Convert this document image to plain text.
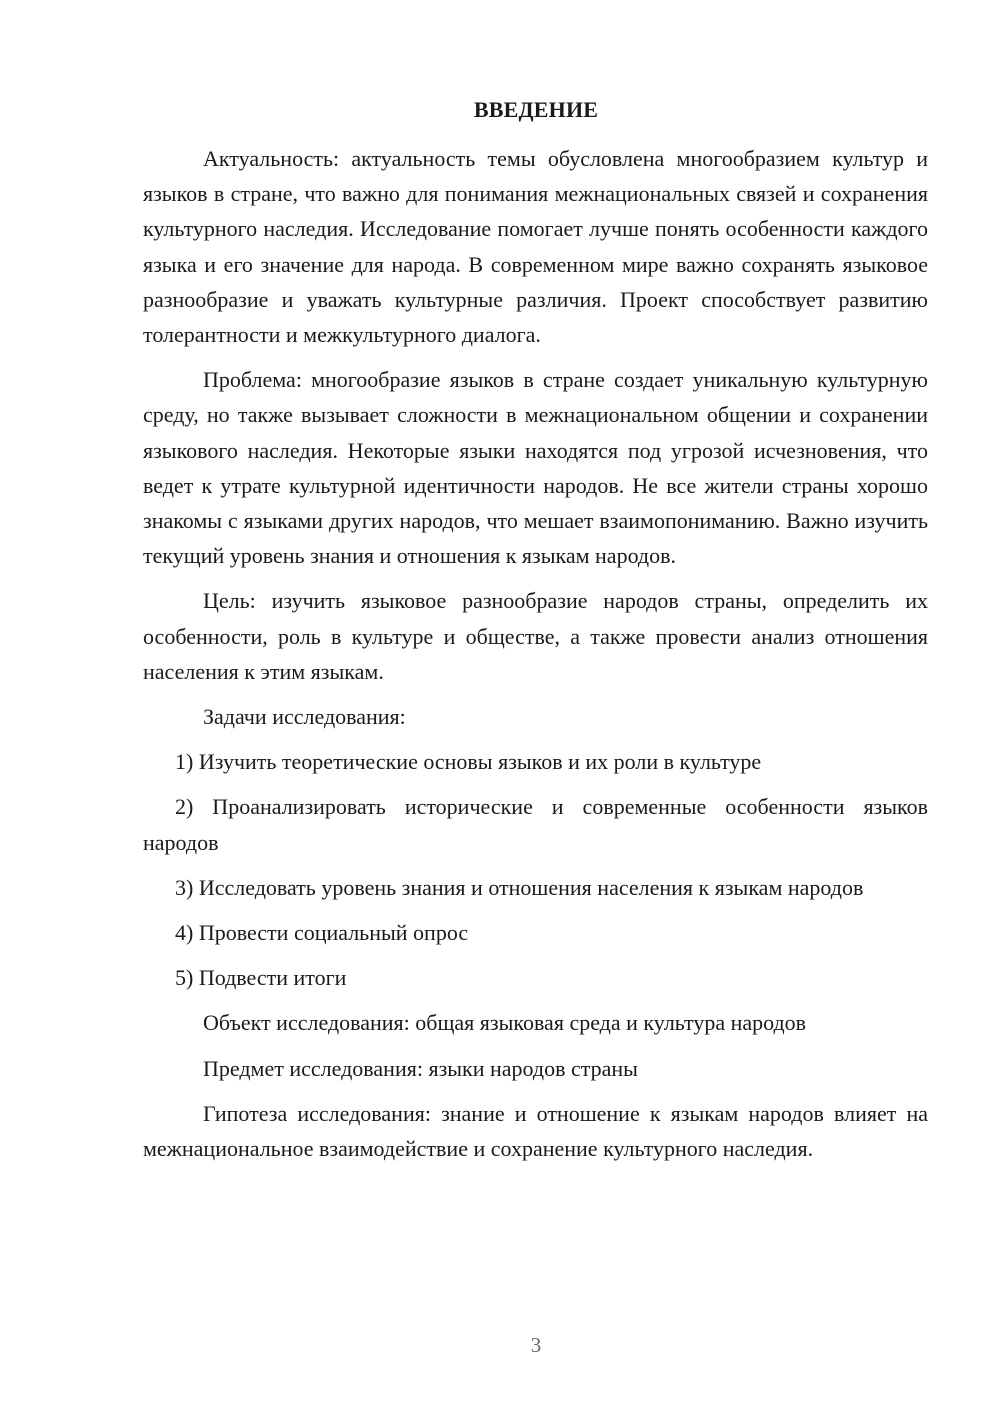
ВВЕДЕНИЕ

Актуальность: актуальность темы обусловлена многообразием культур и языков в стране, что важно для понимания межнациональных связей и сохранения культурного наследия. Исследование помогает лучше понять особенности каждого языка и его значение для народа. В современном мире важно сохранять языковое разнообразие и уважать культурные различия. Проект способствует развитию толерантности и межкультурного диалога.

Проблема: многообразие языков в стране создает уникальную культурную среду, но также вызывает сложности в межнациональном общении и сохранении языкового наследия. Некоторые языки находятся под угрозой исчезновения, что ведет к утрате культурной идентичности народов. Не все жители страны хорошо знакомы с языками других народов, что мешает взаимопониманию. Важно изучить текущий уровень знания и отношения к языкам народов.

Цель: изучить языковое разнообразие народов страны, определить их особенности, роль в культуре и обществе, а также провести анализ отношения населения к этим языкам.

Задачи исследования:

1) Изучить теоретические основы языков и их роли в культуре

2) Проанализировать исторические и современные особенности языков народов

3) Исследовать уровень знания и отношения населения к языкам народов

4) Провести социальный опрос

5) Подвести итоги

Объект исследования: общая языковая среда и культура народов

Предмет исследования: языки народов страны

Гипотеза исследования: знание и отношение к языкам народов влияет на межнациональное взаимодействие и сохранение культурного наследия.

3
